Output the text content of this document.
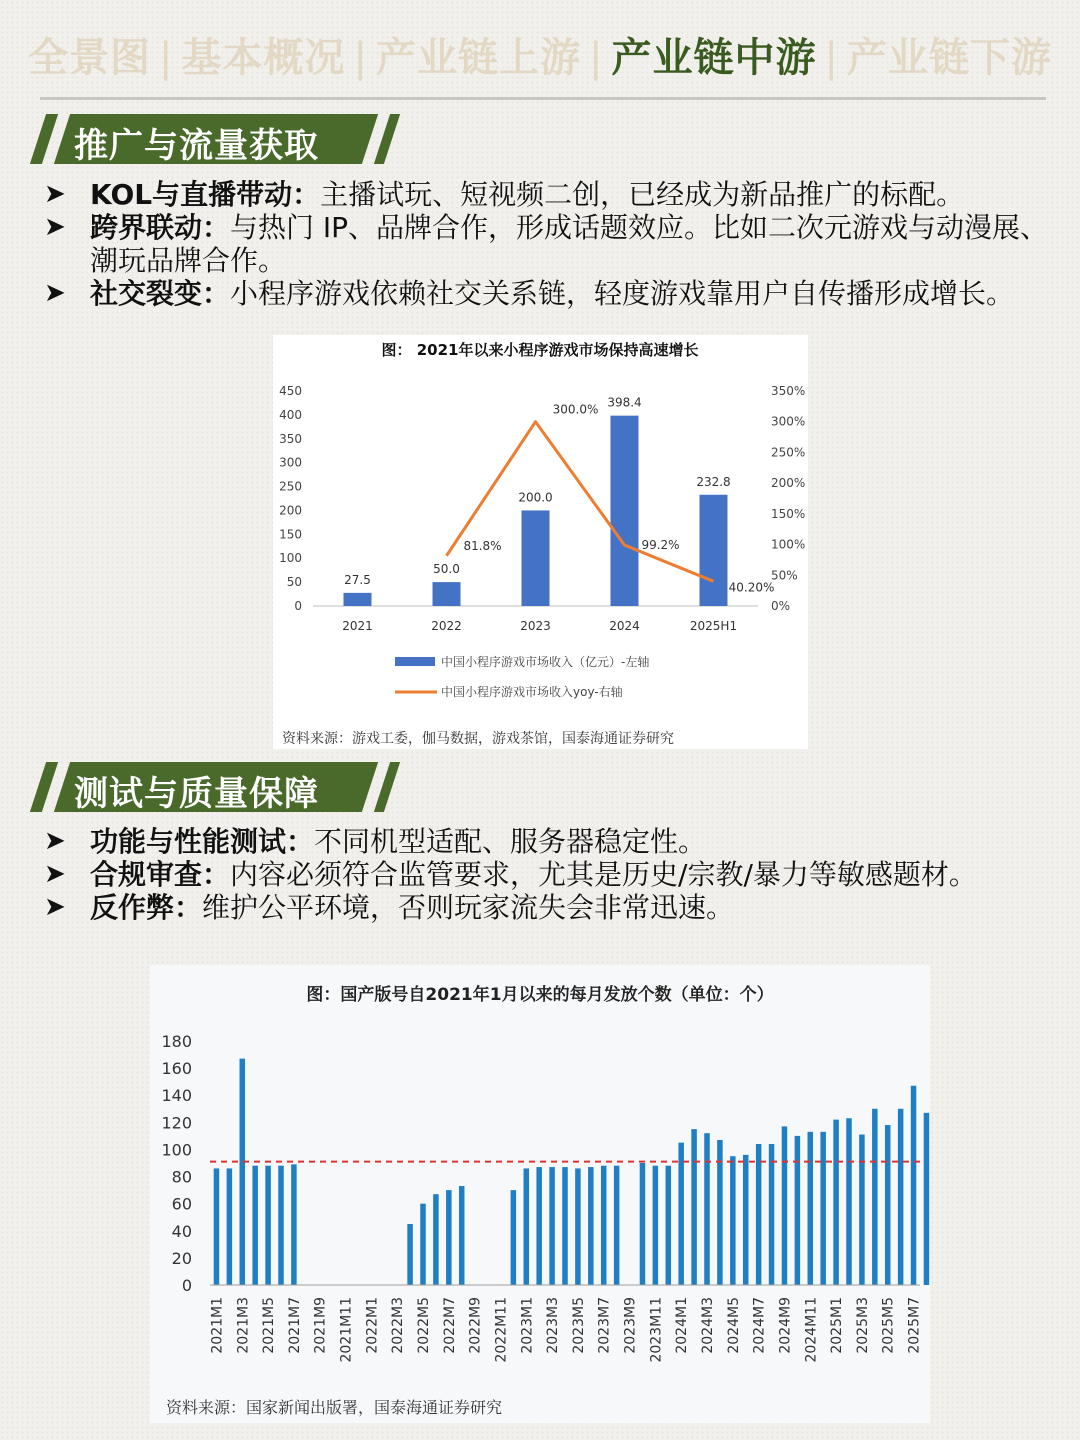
全景图 | 基本概况 | 产业链上游 | 产业链中游 | 产业链下游
推广与流量获取
➤ KOL与直播带动：主播试玩、短视频二创，已经成为新品推广的标配。
➤ 跨界联动：与热门 IP、品牌合作，形成话题效应。比如二次元游戏与动漫展、潮玩品牌合作。
➤ 社交裂变：小程序游戏依赖社交关系链，轻度游戏靠用户自传播形成增长。
图： 2021年以来小程序游戏市场保持高速增长
0
50
100
150
200
250
300
350
400
450
0%
50%
100%
150%
200%
250%
300%
350%
27.5
2021
50.0
2022
200.0
2023
398.4
2024
232.8
2025H1
81.8%
300.0%
99.2%
40.20%
中国小程序游戏市场收入（亿元）-左轴
中国小程序游戏市场收入yoy-右轴
资料来源：游戏工委，伽马数据，游戏茶馆，国泰海通证券研究
测试与质量保障
➤ 功能与性能测试：不同机型适配、服务器稳定性。
➤ 合规审查：内容必须符合监管要求，尤其是历史/宗教/暴力等敏感题材。
➤ 反作弊：维护公平环境，否则玩家流失会非常迅速。
图：国产版号自2021年1月以来的每月发放个数（单位：个）
0
20
40
60
80
100
120
140
160
180
2021M1 2021M3 2021M5 2021M7 2021M9 2021M11 2022M1 2022M3 2022M5 2022M7 2022M9 2022M11 2023M1 2023M3 2023M5 2023M7 2023M9 2023M11 2024M1 2024M3 2024M5 2024M7 2024M9 2024M11 2025M1 2025M3 2025M5 2025M7
资料来源：国家新闻出版署，国泰海通证券研究
